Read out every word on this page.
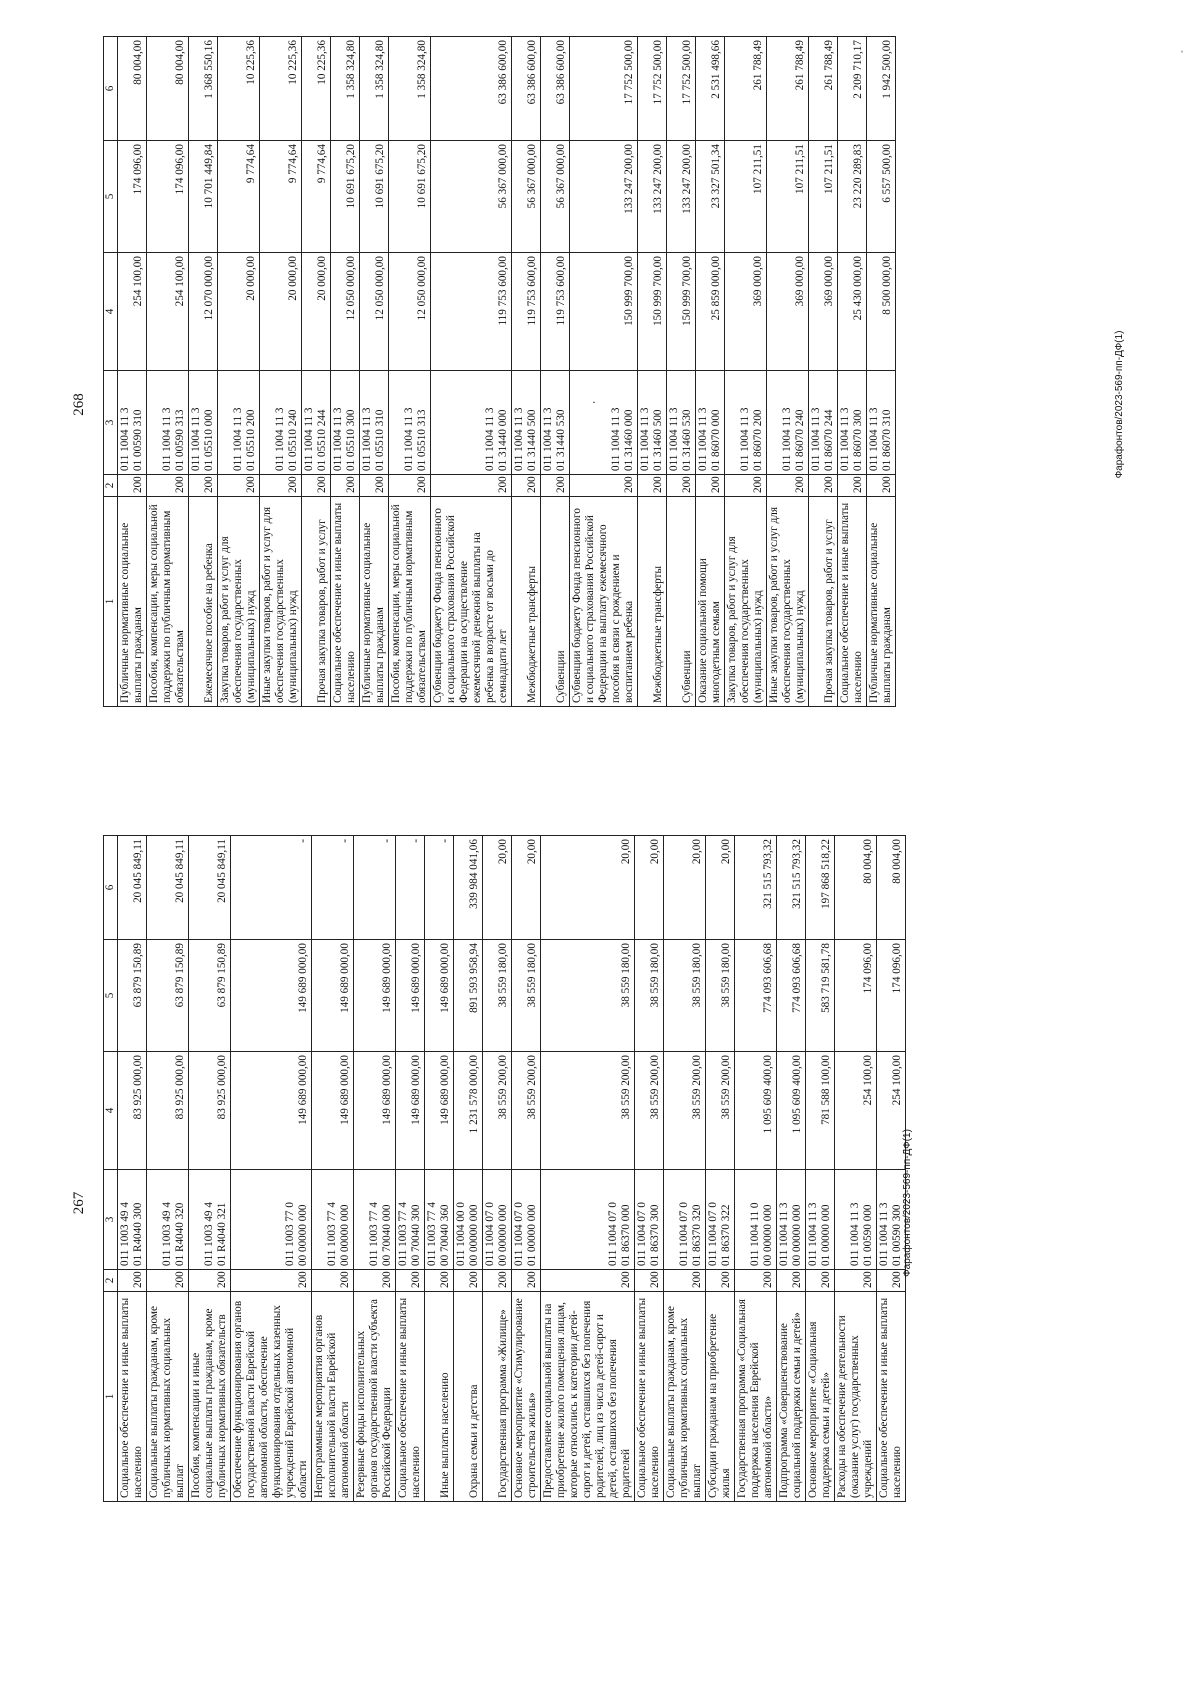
267
1	2	3	4	5	6
Социальное обеспечение и иные выплаты населению	200	011 1003 49 4
01 R4040 300	83 925 000,00	63 879 150,89	20 045 849,11
Социальные выплаты гражданам, кроме публичных нормативных социальных выплат	200	011 1003 49 4
01 R4040 320	83 925 000,00	63 879 150,89	20 045 849,11
Пособия, компенсации и иные социальные выплаты гражданам, кроме публичных нормативных обязательств	200	011 1003 49 4
01 R4040 321	83 925 000,00	63 879 150,89	20 045 849,11
Обеспечение функционирования органов государственной власти Еврейской автономной области, обеспечение функционирования отдельных казенных учреждений Еврейской автономной области	200	011 1003 77 0
00 00000 000	149 689 000,00	149 689 000,00	-
Непрограммные мероприятия органов исполнительной власти Еврейской автономной области	200	011 1003 77 4
00 00000 000	149 689 000,00	149 689 000,00	-
Резервные фонды исполнительных органов государственной власти субъекта Российской Федерации	200	011 1003 77 4
00 70040 000	149 689 000,00	149 689 000,00	-
Социальное обеспечение и иные выплаты населению	200	011 1003 77 4
00 70040 300	149 689 000,00	149 689 000,00	-
Иные выплаты населению	200	011 1003 77 4
00 70040 360	149 689 000,00	149 689 000,00	-
Охрана семьи и детства	200	011 1004 00 0
00 00000 000	1 231 578 000,00	891 593 958,94	339 984 041,06
Государственная программа «Жилище»	200	011 1004 07 0
00 00000 000	38 559 200,00	38 559 180,00	20,00
Основное мероприятие «Стимулирование строительства жилья»	200	011 1004 07 0
01 00000 000	38 559 200,00	38 559 180,00	20,00
Предоставление социальной выплаты на приобретение жилого помещения лицам, которые относились к категории детей-сирот и детей, оставшихся без попечения родителей, лиц из числа детей-сирот и детей, оставшихся без попечения родителей	200	011 1004 07 0
01 86370 000	38 559 200,00	38 559 180,00	20,00
Социальное обеспечение и иные выплаты населению	200	011 1004 07 0
01 86370 300	38 559 200,00	38 559 180,00	20,00
Социальные выплаты гражданам, кроме публичных нормативных социальных выплат	200	011 1004 07 0
01 86370 320	38 559 200,00	38 559 180,00	20,00
Субсидии гражданам на приобретение жилья	200	011 1004 07 0
01 86370 322	38 559 200,00	38 559 180,00	20,00
Государственная программа «Социальная поддержка населения Еврейской автономной области»	200	011 1004 11 0
00 00000 000	1 095 609 400,00	774 093 606,68	321 515 793,32
Подпрограмма «Совершенствование социальной поддержки семьи и детей»	200	011 1004 11 3
00 00000 000	1 095 609 400,00	774 093 606,68	321 515 793,32
Основное мероприятие «Социальная поддержка семьи и детей»	200	011 1004 11 3
01 00000 000	781 588 100,00	583 719 581,78	197 868 518,22
Расходы на обеспечение деятельности (оказание услуг) государственных учреждений	200	011 1004 11 3
01 00590 000	254 100,00	174 096,00	80 004,00
Социальное обеспечение и иные выплаты населению	200	011 1004 11 3
01 00590 300	254 100,00	174 096,00	80 004,00
Фарафонтов/2023-569-пп-ДФ(1)
268
1	2	3	4	5	6
Публичные нормативные социальные выплаты гражданам	200	011 1004 11 3
01 00590 310	254 100,00	174 096,00	80 004,00
Пособия, компенсации, меры социальной поддержки по публичным нормативным обязательствам	200	011 1004 11 3
01 00590 313	254 100,00	174 096,00	80 004,00
Ежемесячное пособие на ребенка	200	011 1004 11 3
01 05510 000	12 070 000,00	10 701 449,84	1 368 550,16
Закупка товаров, работ и услуг для обеспечения государственных (муниципальных) нужд	200	011 1004 11 3
01 05510 200	20 000,00	9 774,64	10 225,36
Иные закупки товаров, работ и услуг для обеспечения государственных (муниципальных) нужд	200	011 1004 11 3
01 05510 240	20 000,00	9 774,64	10 225,36
Прочая закупка товаров, работ и услуг	200	011 1004 11 3
01 05510 244	20 000,00	9 774,64	10 225,36
Социальное обеспечение и иные выплаты населению	200	011 1004 11 3
01 05510 300	12 050 000,00	10 691 675,20	1 358 324,80
Публичные нормативные социальные выплаты гражданам	200	011 1004 11 3
01 05510 310	12 050 000,00	10 691 675,20	1 358 324,80
Пособия, компенсации, меры социальной поддержки по публичным нормативным обязательствам	200	011 1004 11 3
01 05510 313	12 050 000,00	10 691 675,20	1 358 324,80
Субвенции бюджету Фонда пенсионного и социального страхования Российской Федерации на осуществление ежемесячной денежной выплаты на ребенка в возрасте от восьми до семнадцати лет	200	011 1004 11 3
01 31440 000	119 753 600,00	56 367 000,00	63 386 600,00
Межбюджетные трансферты	200	011 1004 11 3
01 31440 500	119 753 600,00	56 367 000,00	63 386 600,00
Субвенции	200	011 1004 11 3
01 31440 530	119 753 600,00	56 367 000,00	63 386 600,00
Субвенции бюджету Фонда пенсионного и социального страхования Российской Федерации на выплату ежемесячного пособия в связи с рождением и воспитанием ребенка	200	011 1004 11 3
01 31460 000	150 999 700,00	133 247 200,00	17 752 500,00
Межбюджетные трансферты	200	011 1004 11 3
01 31460 500	150 999 700,00	133 247 200,00	17 752 500,00
Субвенции	200	011 1004 11 3
01 31460 530	150 999 700,00	133 247 200,00	17 752 500,00
Оказание социальной помощи многодетным семьям	200	011 1004 11 3
01 86070 000	25 859 000,00	23 327 501,34	2 531 498,66
Закупка товаров, работ и услуг для обеспечения государственных (муниципальных) нужд	200	011 1004 11 3
01 86070 200	369 000,00	107 211,51	261 788,49
Иные закупки товаров, работ и услуг для обеспечения государственных (муниципальных) нужд	200	011 1004 11 3
01 86070 240	369 000,00	107 211,51	261 788,49
Прочая закупка товаров, работ и услуг	200	011 1004 11 3
01 86070 244	369 000,00	107 211,51	261 788,49
Социальное обеспечение и иные выплаты населению	200	011 1004 11 3
01 86070 300	25 430 000,00	23 220 289,83	2 209 710,17
Публичные нормативные социальные выплаты гражданам	200	011 1004 11 3
01 86070 310	8 500 000,00	6 557 500,00	1 942 500,00
Фарафонтов/2023-569-пп-ДФ(1)
·
ˈ
